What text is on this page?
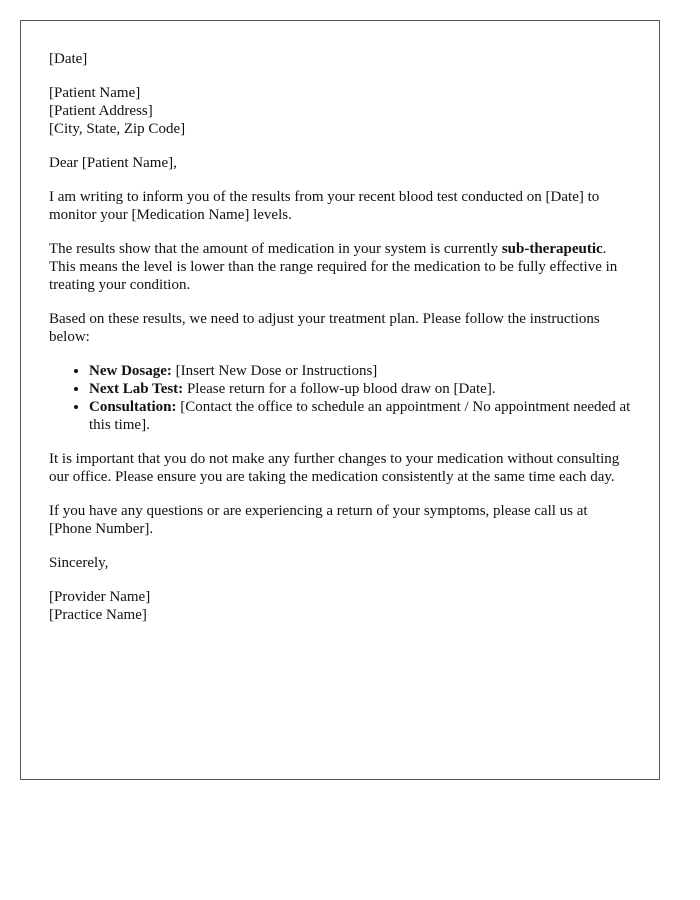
[Date]

[Patient Name]
[Patient Address]
[City, State, Zip Code]

Dear [Patient Name],

I am writing to inform you of the results from your recent blood test conducted on [Date] to monitor your [Medication Name] levels.

The results show that the amount of medication in your system is currently sub-therapeutic. This means the level is lower than the range required for the medication to be fully effective in treating your condition.

Based on these results, we need to adjust your treatment plan. Please follow the instructions below:

• New Dosage: [Insert New Dose or Instructions]
• Next Lab Test: Please return for a follow-up blood draw on [Date].
• Consultation: [Contact the office to schedule an appointment / No appointment needed at this time].

It is important that you do not make any further changes to your medication without consulting our office. Please ensure you are taking the medication consistently at the same time each day.

If you have any questions or are experiencing a return of your symptoms, please call us at [Phone Number].

Sincerely,

[Provider Name]
[Practice Name]
